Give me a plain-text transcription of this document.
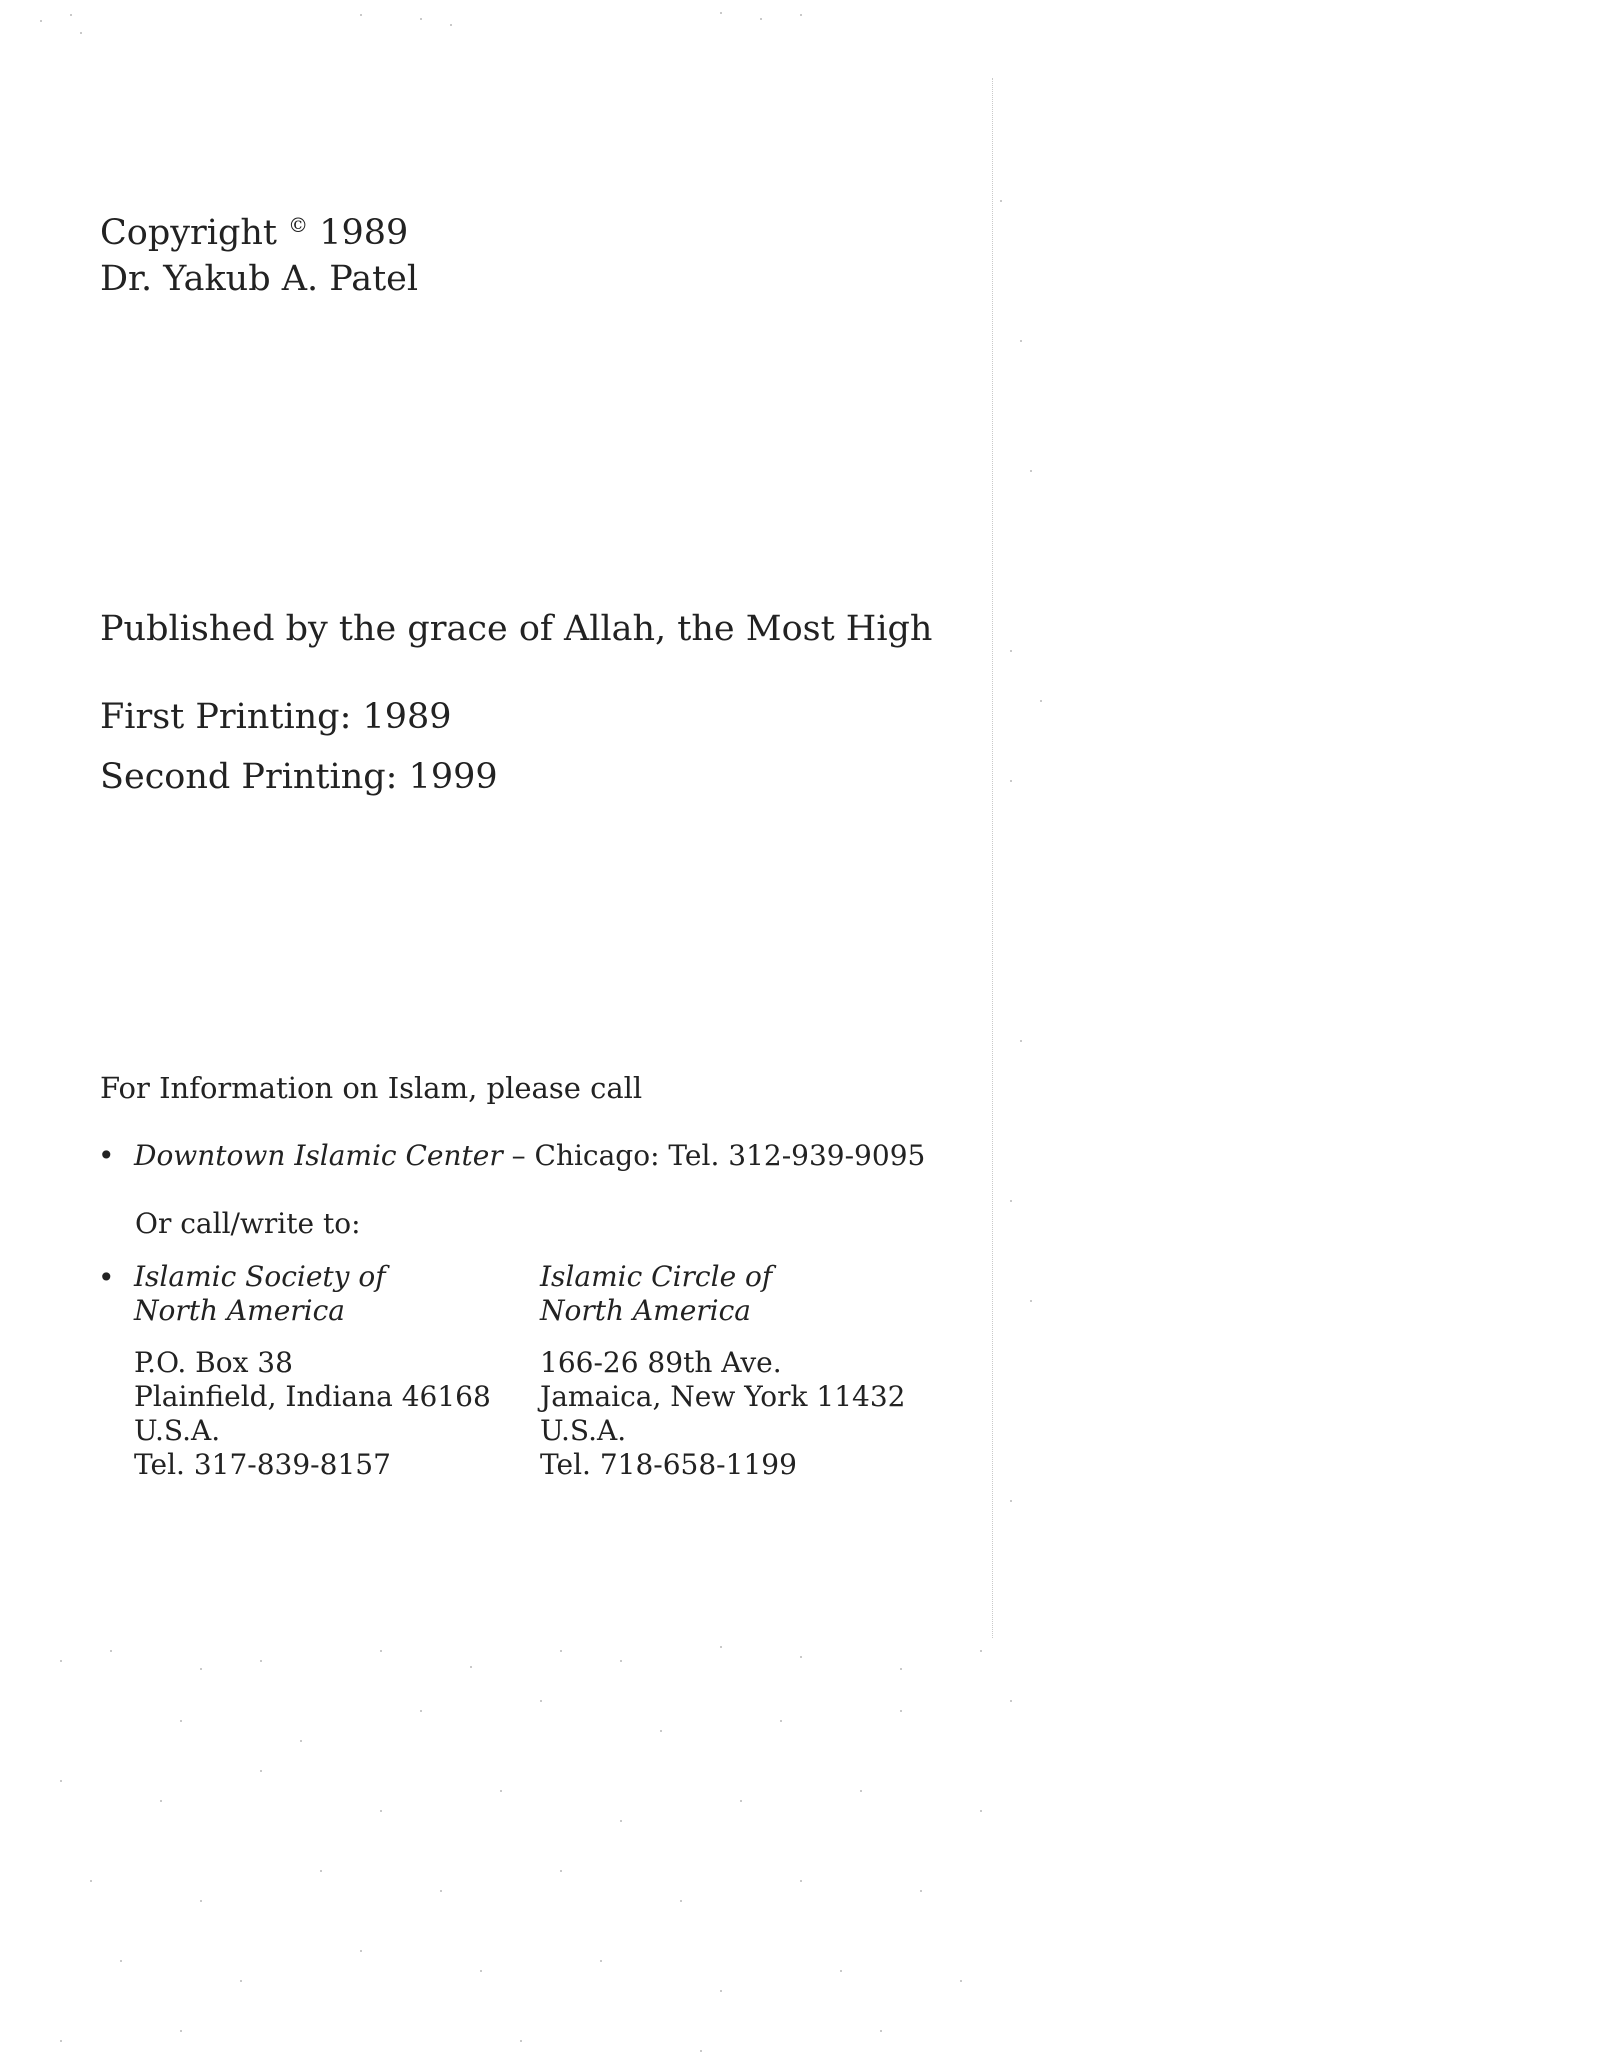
Copyright © 1989
Dr. Yakub A. Patel
Published by the grace of Allah, the Most High
First Printing: 1989
Second Printing: 1999
For Information on Islam, please call
• Downtown Islamic Center – Chicago: Tel. 312-939-9095
Or call/write to:
• Islamic Society of
North America
P.O. Box 38
Plainfield, Indiana 46168
U.S.A.
Tel. 317-839-8157
Islamic Circle of
North America
166-26 89th Ave.
Jamaica, New York 11432
U.S.A.
Tel. 718-658-1199
